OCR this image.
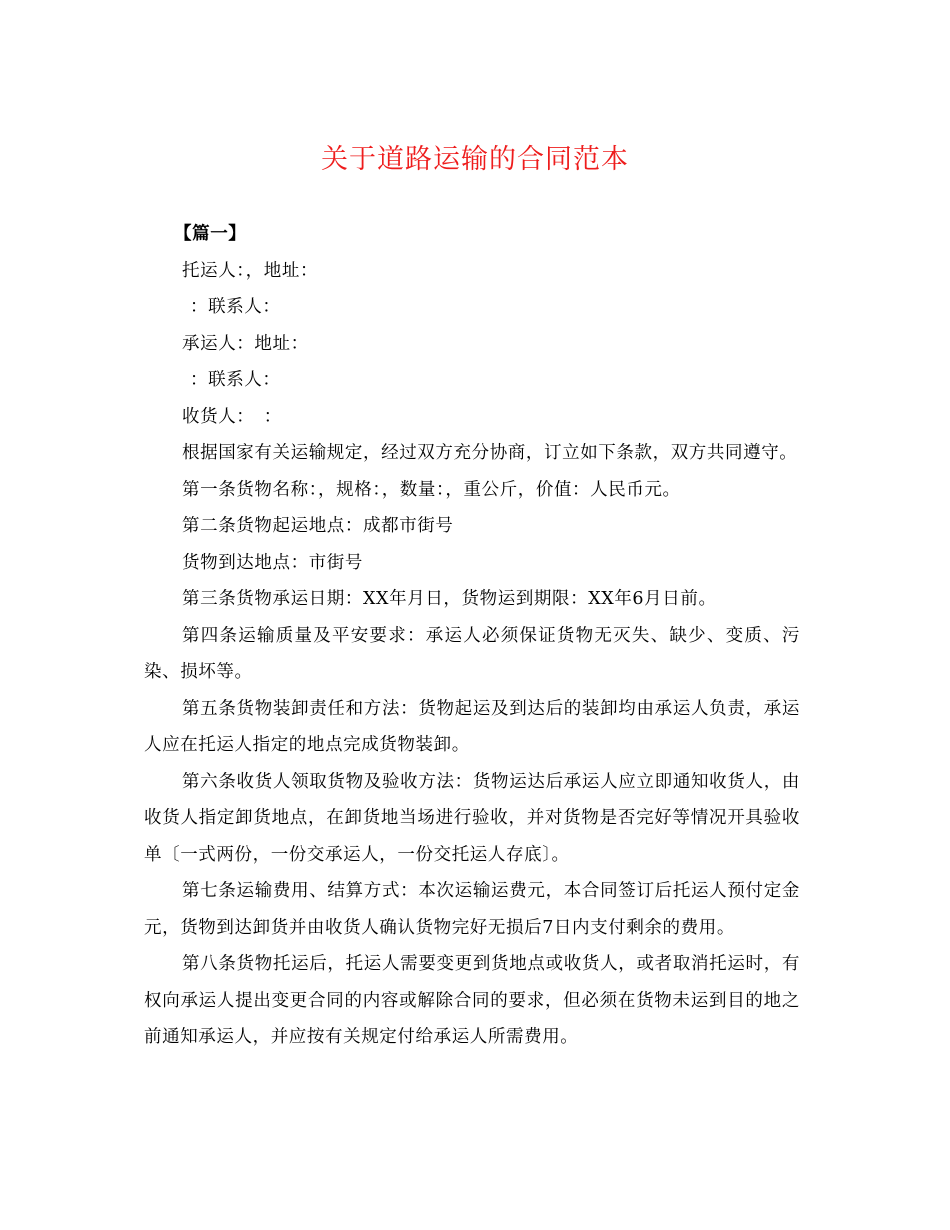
关于道路运输的合同范本

【篇一】

托运人：，地址：

：联系人：

承运人：地址：

：联系人：

收货人：　：

根据国家有关运输规定，经过双方充分协商，订立如下条款，双方共同遵守。

第一条货物名称：，规格：，数量：，重公斤，价值：人民币元。

第二条货物起运地点：成都市街号

货物到达地点：市街号

第三条货物承运日期：XX年月日，货物运到期限：XX年6月日前。

第四条运输质量及平安要求：承运人必须保证货物无灭失、缺少、变质、污染、损坏等。

第五条货物装卸责任和方法：货物起运及到达后的装卸均由承运人负责，承运人应在托运人指定的地点完成货物装卸。

第六条收货人领取货物及验收方法：货物运达后承运人应立即通知收货人，由收货人指定卸货地点，在卸货地当场进行验收，并对货物是否完好等情况开具验收单〔一式两份，一份交承运人，一份交托运人存底〕。

第七条运输费用、结算方式：本次运输运费元，本合同签订后托运人预付定金元，货物到达卸货并由收货人确认货物完好无损后7日内支付剩余的费用。

第八条货物托运后，托运人需要变更到货地点或收货人，或者取消托运时，有权向承运人提出变更合同的内容或解除合同的要求，但必须在货物未运到目的地之前通知承运人，并应按有关规定付给承运人所需费用。
